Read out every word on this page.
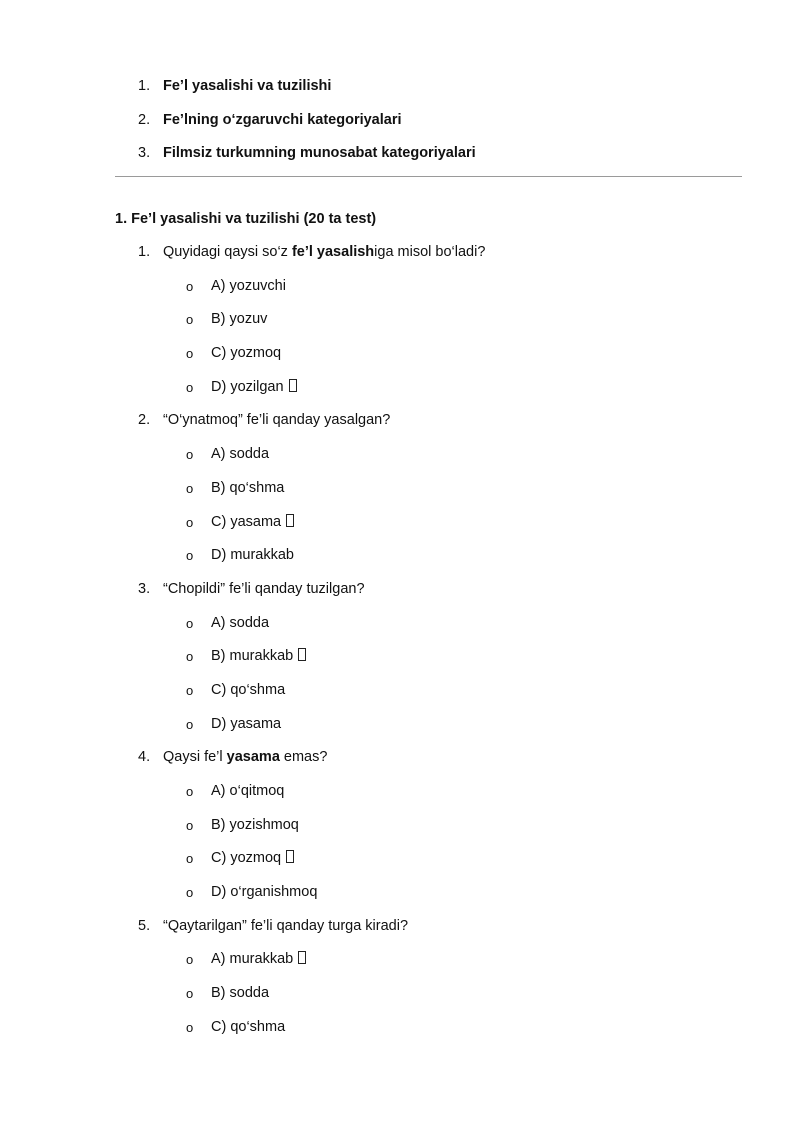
1. Fe’l yasalishi va tuzilishi
2. Fe’lning o‘zgaruvchi kategoriyalari
3. Filmsiz turkumning munosabat kategoriyalari
1. Fe’l yasalishi va tuzilishi (20 ta test)
1. Quyidagi qaysi so‘z fe’l yasalishiga misol bo‘ladi?
o A) yozuvchi
o B) yozuv
o C) yozmoq
o D) yozilgan
2. “O‘ynatmoq” fe’li qanday yasalgan?
o A) sodda
o B) qo‘shma
o C) yasama
o D) murakkab
3. “Chopildi” fe’li qanday tuzilgan?
o A) sodda
o B) murakkab
o C) qo‘shma
o D) yasama
4. Qaysi fe’l yasama emas?
o A) o‘qitmoq
o B) yozishmoq
o C) yozmoq
o D) o‘rganishmoq
5. “Qaytarilgan” fe’li qanday turga kiradi?
o A) murakkab
o B) sodda
o C) qo‘shma
